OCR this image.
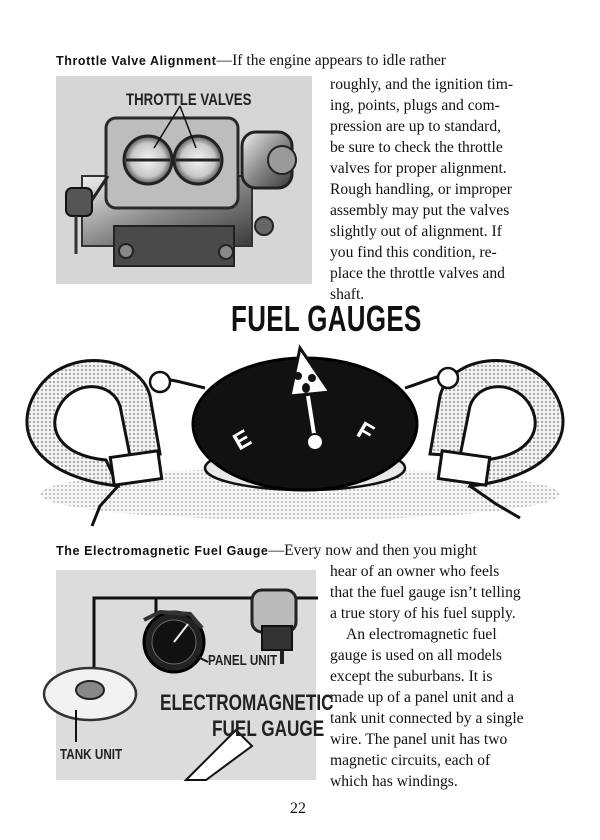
Throttle Valve Alignment—If the engine appears to idle rather
roughly, and the ignition tim-
ing, points, plugs and com-
pression are up to standard,
be sure to check the throttle
valves for proper alignment.
Rough handling, or improper
assembly may put the valves
slightly out of alignment. If
you find this condition, re-
place the throttle valves and
shaft.
THROTTLE VALVES
FUEL GAUGES
E	F
The Electromagnetic Fuel Gauge—Every now and then you might
hear of an owner who feels
that the fuel gauge isn’t telling
a true story of his fuel supply.
An electromagnetic fuel
gauge is used on all models
except the suburbans. It is
made up of a panel unit and a
tank unit connected by a single
wire. The panel unit has two
magnetic circuits, each of
which has windings.
PANEL UNIT
ELECTROMAGNETIC
FUEL GAUGE
TANK UNIT
22
